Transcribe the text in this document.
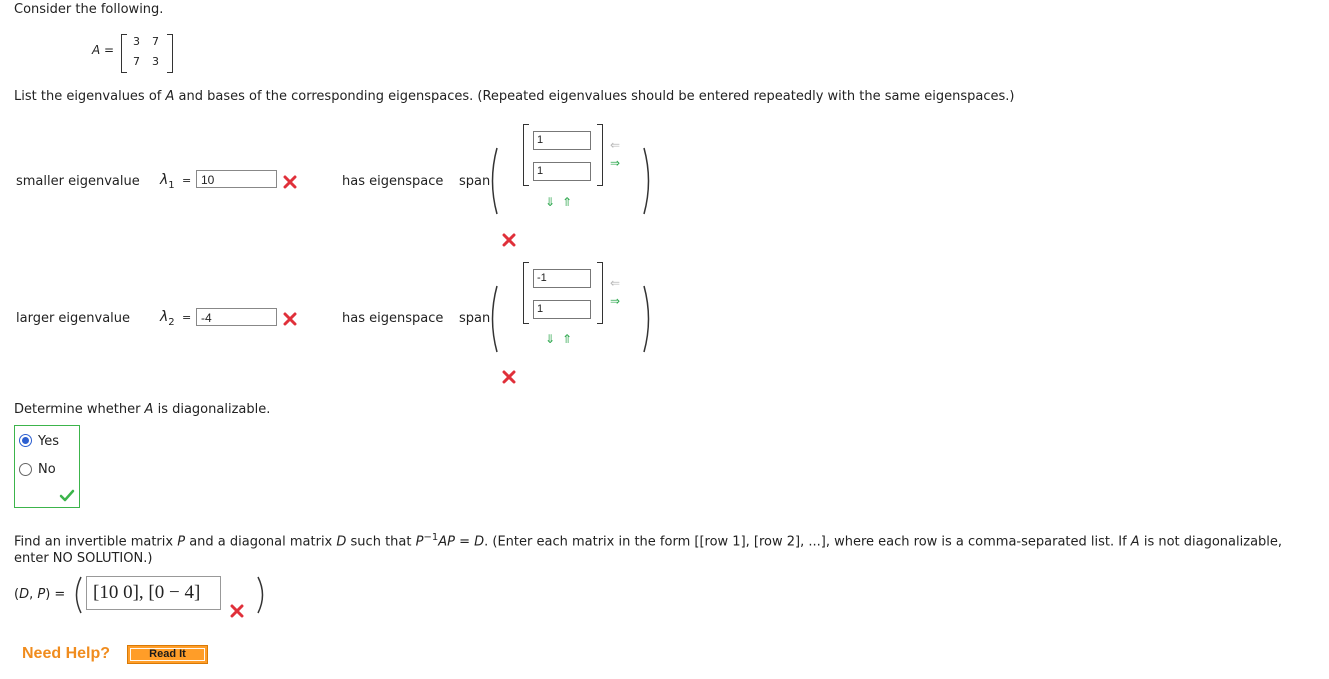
Consider the following.
A =
3 7
7 3
List the eigenvalues of A and bases of the corresponding eigenspaces. (Repeated eigenvalues should be entered repeatedly with the same eigenspaces.)
smaller eigenvalue $\lambda_1 = 10$	has eigenspace span
1
1
⇐
⇒
⇓ ⇑
larger eigenvalue $\lambda_2 = -4$	has eigenspace span
-1
1
⇐
⇒
⇓ ⇑
Determine whether A is diagonalizable.
Yes
No
Find an invertible matrix P and a diagonal matrix D such that $P^{-1}AP = D$. (Enter each matrix in the form [[row 1], [row 2], ...], where each row is a comma-separated list. If A is not diagonalizable,
enter NO SOLUTION.)
(D, P) =	[10 0], [0 − 4]
Need Help?	Read It
